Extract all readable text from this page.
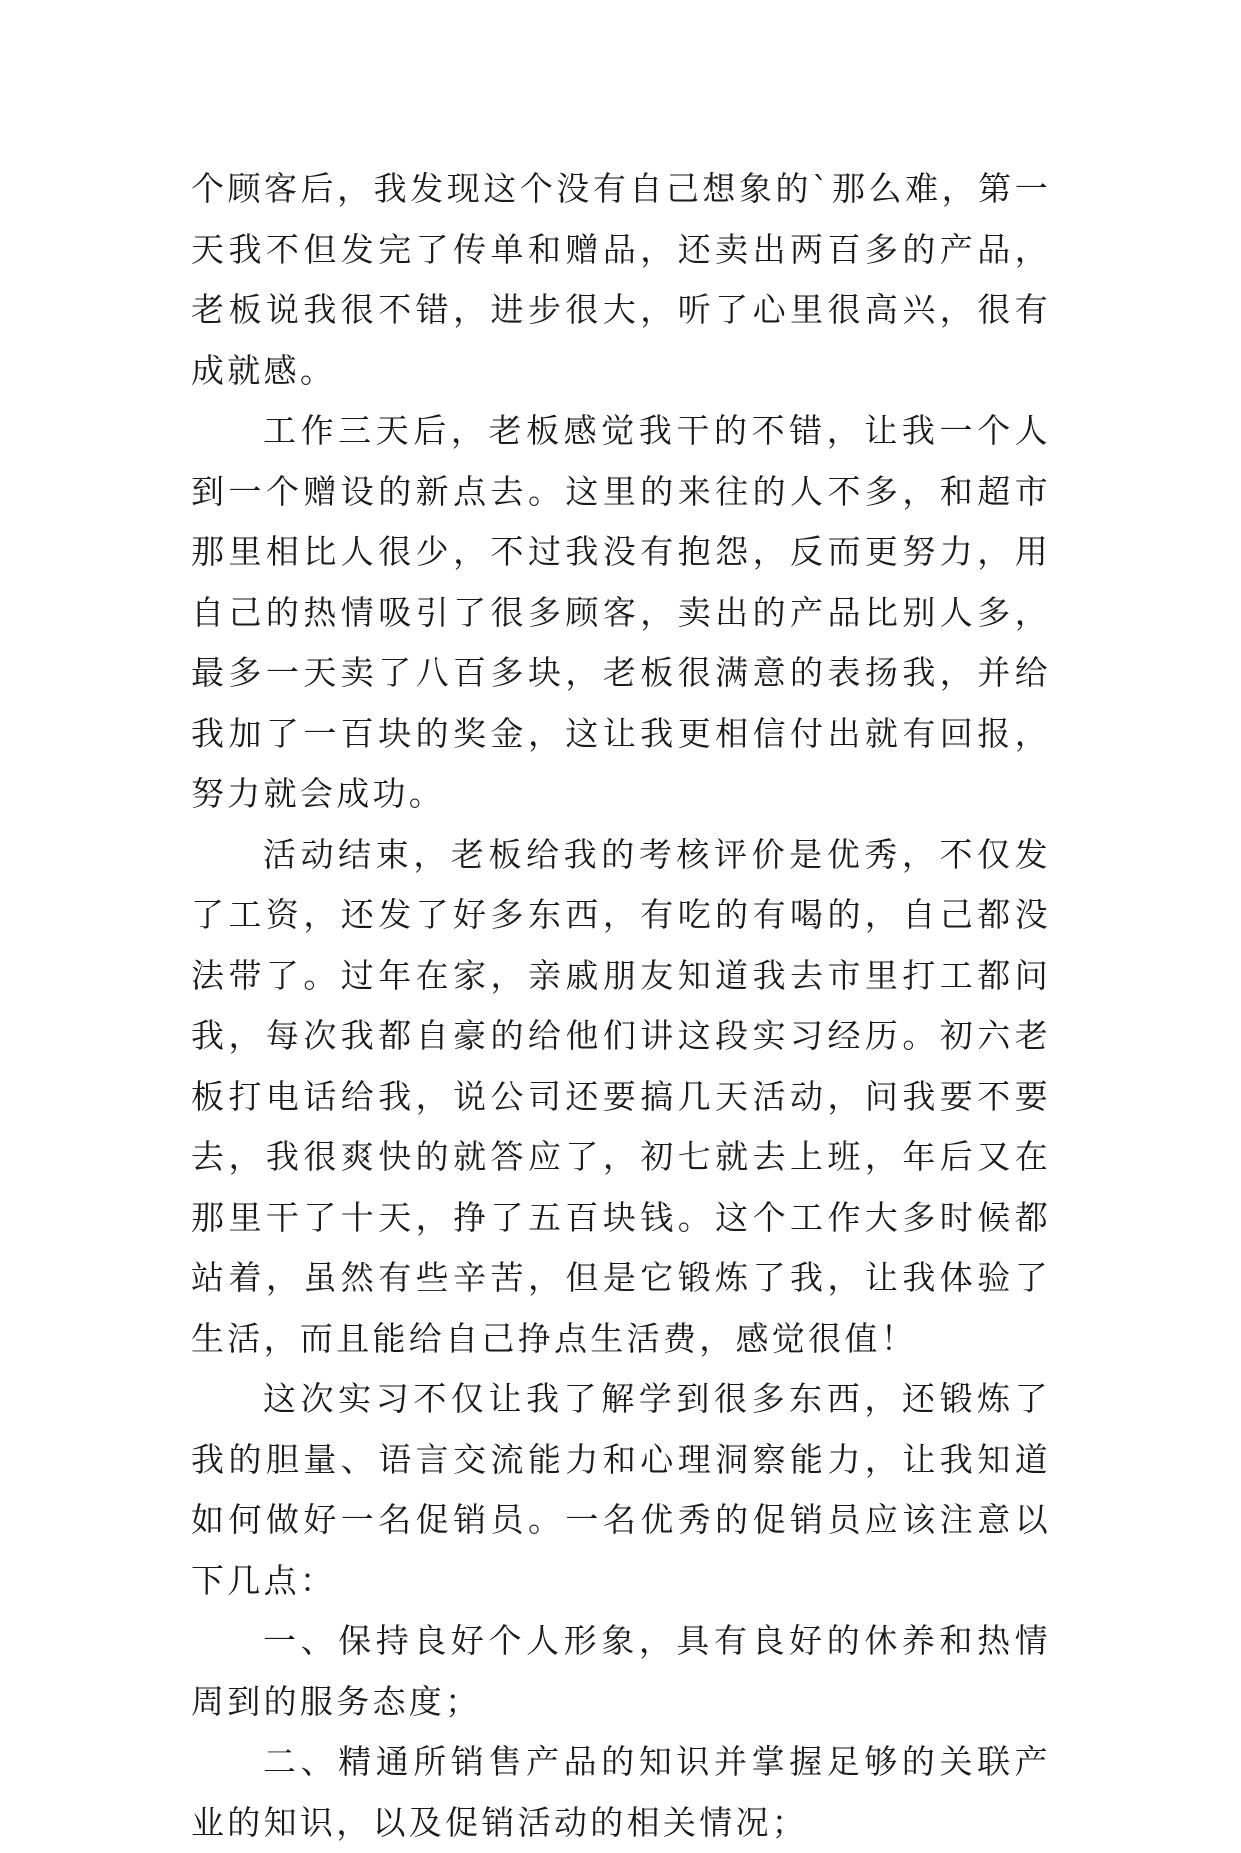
个顾客后，我发现这个没有自己想象的`那么难，第一天我不但发完了传单和赠品，还卖出两百多的产品，老板说我很不错，进步很大，听了心里很高兴，很有成就感。

工作三天后，老板感觉我干的不错，让我一个人到一个赠设的新点去。这里的来往的人不多，和超市那里相比人很少，不过我没有抱怨，反而更努力，用自己的热情吸引了很多顾客，卖出的产品比别人多，最多一天卖了八百多块，老板很满意的表扬我，并给我加了一百块的奖金，这让我更相信付出就有回报，努力就会成功。

活动结束，老板给我的考核评价是优秀，不仅发了工资，还发了好多东西，有吃的有喝的，自己都没法带了。过年在家，亲戚朋友知道我去市里打工都问我，每次我都自豪的给他们讲这段实习经历。初六老板打电话给我，说公司还要搞几天活动，问我要不要去，我很爽快的就答应了，初七就去上班，年后又在那里干了十天，挣了五百块钱。这个工作大多时候都站着，虽然有些辛苦，但是它锻炼了我，让我体验了生活，而且能给自己挣点生活费，感觉很值！

这次实习不仅让我了解学到很多东西，还锻炼了我的胆量、语言交流能力和心理洞察能力，让我知道如何做好一名促销员。一名优秀的促销员应该注意以下几点：

一、保持良好个人形象，具有良好的休养和热情周到的服务态度；

二、精通所销售产品的知识并掌握足够的关联产业的知识，以及促销活动的相关情况；
